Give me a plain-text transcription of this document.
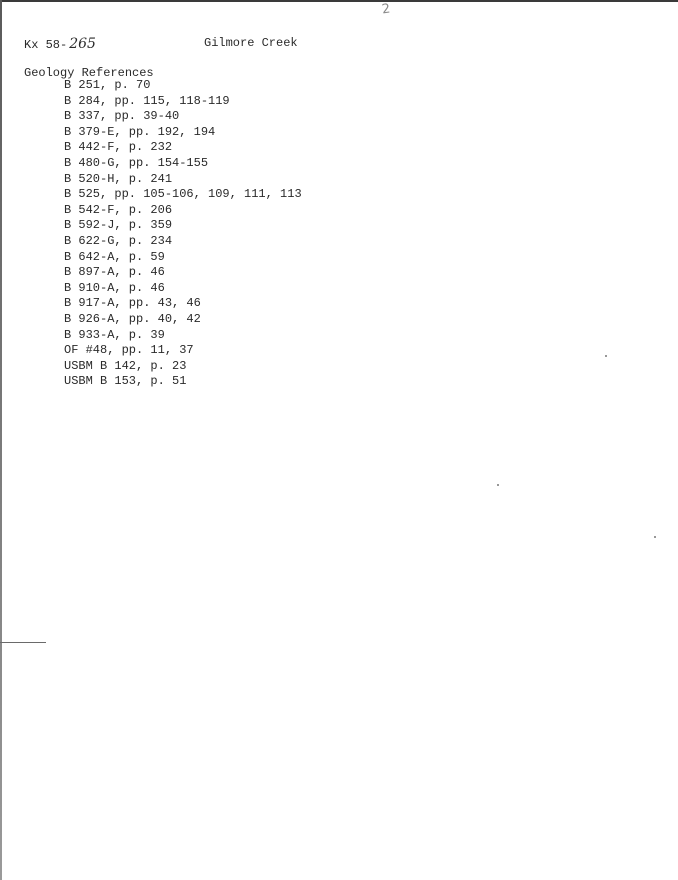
2
Kx 58- 265	Gilmore Creek
Geology References
B 251, p. 70
B 284, pp. 115, 118-119
B 337, pp. 39-40
B 379-E, pp. 192, 194
B 442-F, p. 232
B 480-G, pp. 154-155
B 520-H, p. 241
B 525, pp. 105-106, 109, 111, 113
B 542-F, p. 206
B 592-J, p. 359
B 622-G, p. 234
B 642-A, p. 59
B 897-A, p. 46
B 910-A, p. 46
B 917-A, pp. 43, 46
B 926-A, pp. 40, 42
B 933-A, p. 39
OF #48, pp. 11, 37
USBM B 142, p. 23
USBM B 153, p. 51
